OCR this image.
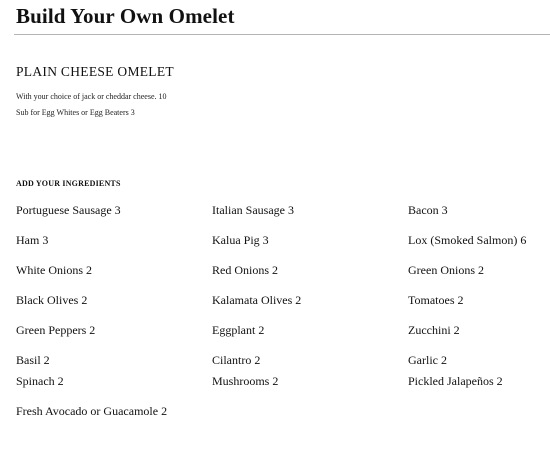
Build Your Own Omelet
PLAIN CHEESE OMELET

With your choice of jack or cheddar cheese. 10

Sub for Egg Whites or Egg Beaters 3

ADD YOUR INGREDIENTS

Portuguese Sausage 3	Italian Sausage 3	Bacon 3

Ham 3	Kalua Pig 3	Lox (Smoked Salmon) 6

White Onions 2	Red Onions 2	Green Onions 2

Black Olives 2	Kalamata Olives 2	Tomatoes 2

Green Peppers 2	Eggplant 2	Zucchini 2

Basil 2	Cilantro 2	Garlic 2

Spinach 2	Mushrooms 2	Pickled Jalapeños 2

Fresh Avocado or Guacamole 2
